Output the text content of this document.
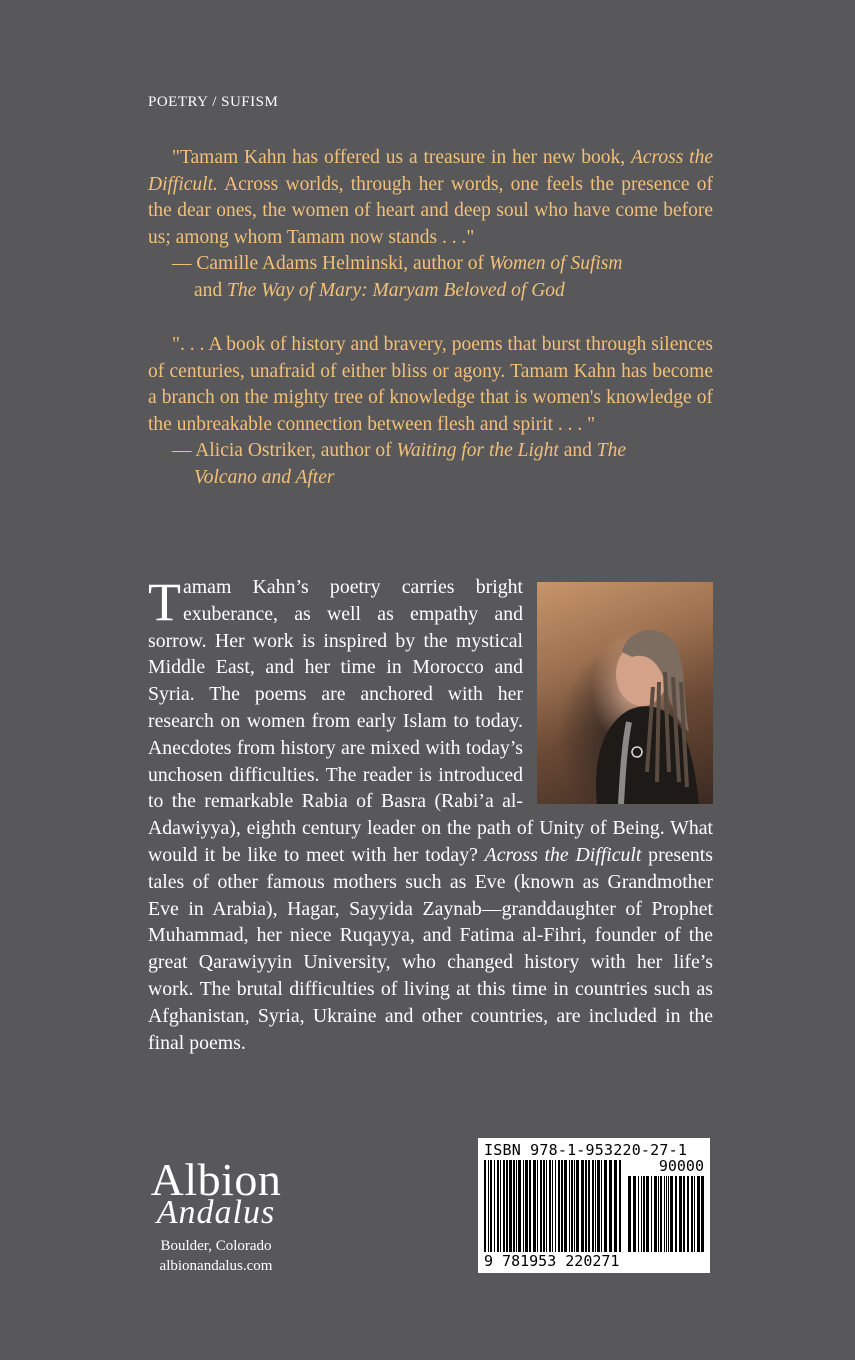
POETRY / SUFISM

"Tamam Kahn has offered us a treasure in her new book, Across the Difficult. Across worlds, through her words, one feels the presence of the dear ones, the women of heart and deep soul who have come before us; among whom Tamam now stands . . ."

— Camille Adams Helminski, author of Women of Sufism
and The Way of Mary: Maryam Beloved of God

". . . A book of history and bravery, poems that burst through silences of centuries, unafraid of either bliss or agony. Tamam Kahn has become a branch on the mighty tree of knowledge that is women's knowledge of the unbreakable connection between flesh and spirit . . . "

— Alicia Ostriker, author of Waiting for the Light and The
Volcano and After

Tamam Kahn’s poetry carries bright exuberance, as well as empathy and sorrow. Her work is inspired by the mystical Middle East, and her time in Morocco and Syria. The poems are anchored with her research on women from early Islam to today. Anecdotes from history are mixed with today’s unchosen difficulties. The reader is introduced to the remarkable Rabia of Basra (Rabi’a al-Adawiyya), eighth century leader on the path of Unity of Being. What would it be like to meet with her today? Across the Difficult presents tales of other famous mothers such as Eve (known as Grandmother Eve in Arabia), Hagar, Sayyida Zaynab—granddaughter of Prophet Muhammad, her niece Ruqayya, and Fatima al-Fihri, founder of the great Qarawiyyin University, who changed history with her life’s work. The brutal difficulties of living at this time in countries such as Afghanistan, Syria, Ukraine and other countries, are included in the final poems.

Albion
Andalus
Boulder, Colorado
albionandalus.com
ISBN 978-1-953220-27-1
90000
9 781953 220271
